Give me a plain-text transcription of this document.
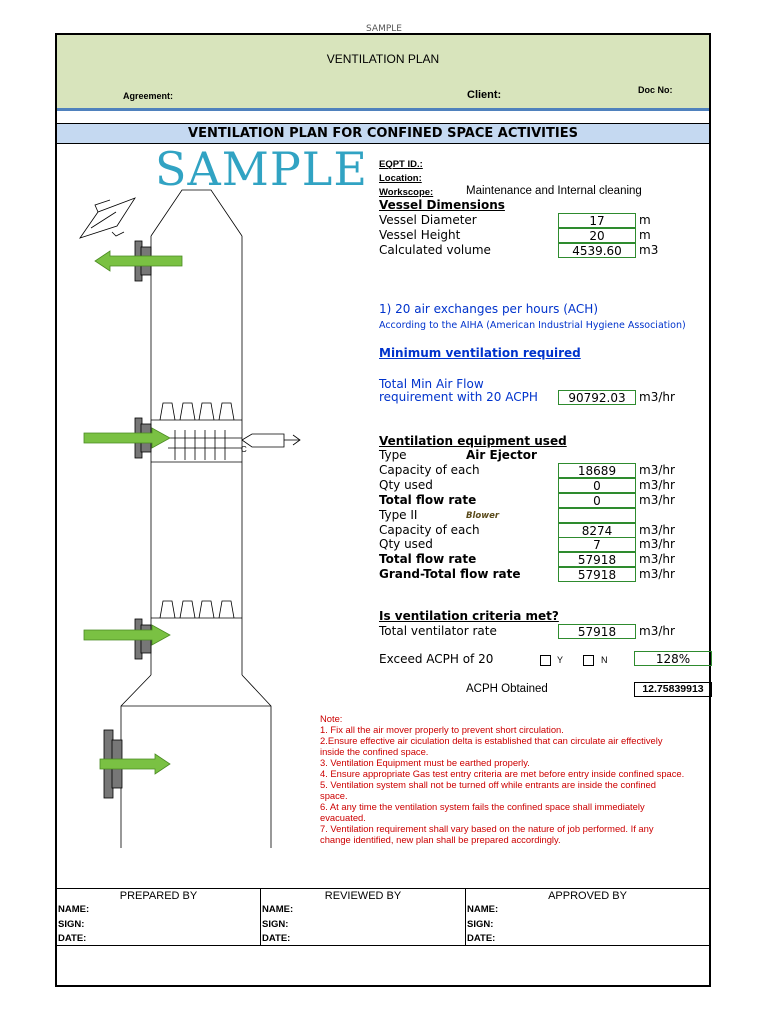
SAMPLE
VENTILATION PLAN
Agreement:	Client:	Doc No:
VENTILATION PLAN FOR CONFINED SPACE ACTIVITIES
SAMPLE
C
EQPT ID.:
Location:
Workscope:	Maintenance and Internal cleaning
Vessel Dimensions
Vessel Diameter	17	m
Vessel Height	20	m
Calculated volume	4539.60	m3
1) 20 air exchanges per hours (ACH)
According to the AIHA (American Industrial Hygiene Association)
Minimum ventilation required
Total Min Air Flow
requirement with 20 ACPH	90792.03	m3/hr
Ventilation equipment used
Type	Air Ejector
Capacity of each	18689	m3/hr
Qty used	0	m3/hr
Total flow rate	0	m3/hr
Type II	Blower
Capacity of each	8274	m3/hr
Qty used	7	m3/hr
Total flow rate	57918	m3/hr
Grand-Total flow rate	57918	m3/hr
Is ventilation criteria met?
Total ventilator rate	57918	m3/hr
Exceed ACPH of 20	Y	N	128%
ACPH Obtained	12.75839913

Note:

1. Fix all the air mover properly to prevent short circulation.

2.Ensure effective air ciculation delta is established that can circulate air effectively inside the confined space.

3. Ventilation Equipment must be earthed properly.

4. Ensure appropriate Gas test entry criteria are met before entry inside confined space.

5. Ventilation system shall not be turned off while entrants are inside the confined space.

6. At any time the ventilation system fails the confined space shall immediately evacuated.

7. Ventilation requirement shall vary based on the nature of job performed. If any change identified, new plan shall be prepared accordingly.

PREPARED BY
NAME:
SIGN:
DATE:
REVIEWED BY
NAME:
SIGN:
DATE:
APPROVED BY
NAME:
SIGN:
DATE:
